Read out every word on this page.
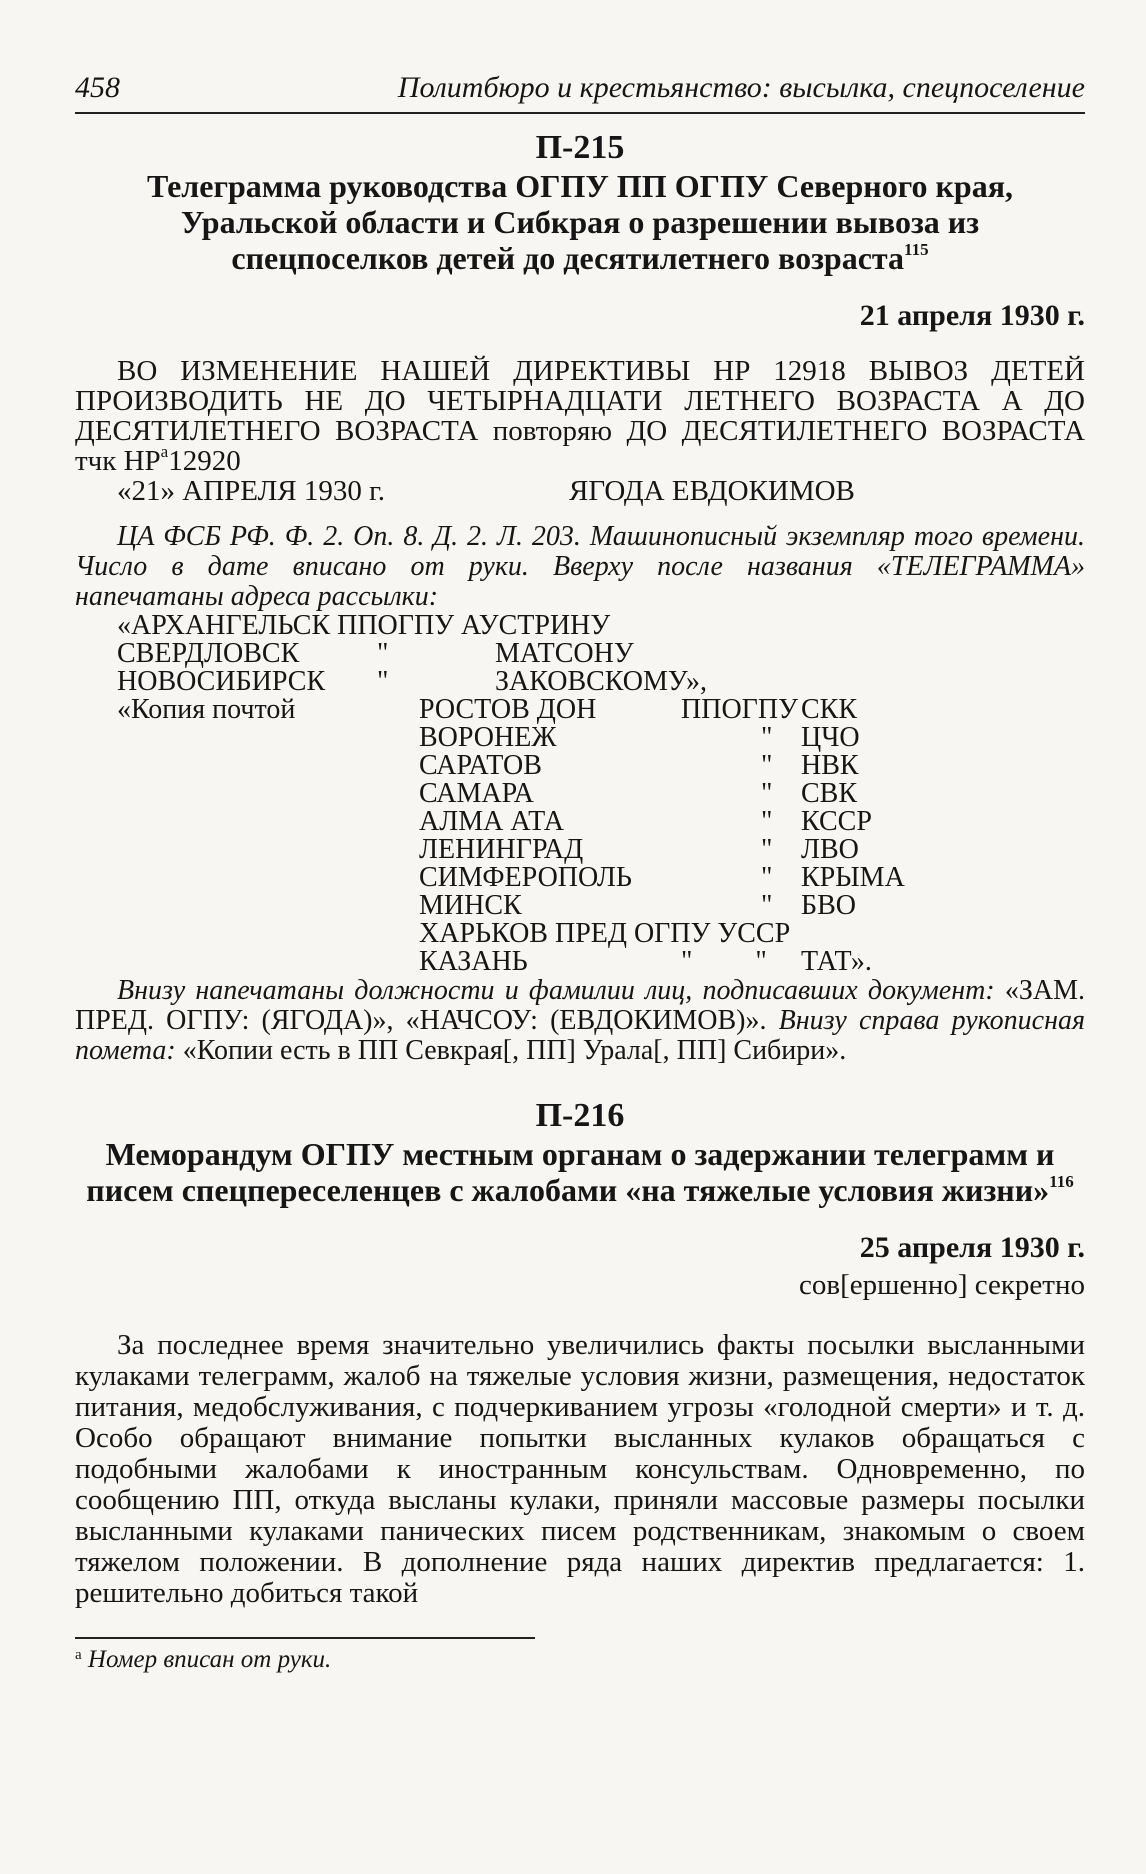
458	Политбюро и крестьянство: высылка, спецпоселение
П-215
Телеграмма руководства ОГПУ ПП ОГПУ Северного края, Уральской области и Сибкрая о разрешении вывоза из спецпоселков детей до десятилетнего возраста$^{115}$
21 апреля 1930 г.
ВО ИЗМЕНЕНИЕ НАШЕЙ ДИРЕКТИВЫ НР 12918 ВЫВОЗ ДЕТЕЙ ПРОИЗВОДИТЬ НЕ ДО ЧЕТЫРНАДЦАТИ ЛЕТНЕГО ВОЗРАСТА А ДО ДЕСЯТИЛЕТНЕГО ВОЗРАСТА повторяю ДО ДЕСЯТИЛЕТНЕГО ВОЗРАСТА тчк $НР^а12920$
«21» АПРЕЛЯ 1930 г.	ЯГОДА ЕВДОКИМОВ
ЦА ФСБ РФ. Ф. 2. Оп. 8. Д. 2. Л. 203. Машинописный экземпляр того времени. Число в дате вписано от руки. Вверху после названия «ТЕЛЕГРАММА» напечатаны адреса рассылки:
«АРХАНГЕЛЬСК ППОГПУ АУСТРИНУ
СВЕРДЛОВСК	"	МАТСОНУ
НОВОСИБИРСК	"	ЗАКОВСКОМУ»,
«Копия почтой	РОСТОВ ДОН	ППОГПУ СКК
ВОРОНЕЖ	"	ЦЧО
САРАТОВ	"	НВК
САМАРА	"	СВК
АЛМА АТА	"	КССР
ЛЕНИНГРАД	"	ЛВО
СИМФЕРОПОЛЬ	"	КРЫМА
МИНСК	"	БВО
ХАРЬКОВ ПРЕД ОГПУ УССР
КАЗАНЬ	"         "	ТАТ».
Внизу напечатаны должности и фамилии лиц, подписавших документ: «ЗАМ. ПРЕД. ОГПУ: (ЯГОДА)», «НАЧСОУ: (ЕВДОКИМОВ)». Внизу справа рукописная помета: «Копии есть в ПП Севкрая[, ПП] Урала[, ПП] Сибири».
П-216
Меморандум ОГПУ местным органам о задержании телеграмм и писем спецпереселенцев с жалобами «на тяжелые условия жизни»$^{116}$
25 апреля 1930 г.
сов[ершенно] секретно
За последнее время значительно увеличились факты посылки высланными кулаками телеграмм, жалоб на тяжелые условия жизни, размещения, недостаток питания, медобслуживания, с подчеркиванием угрозы «голодной смерти» и т. д. Особо обращают внимание попытки высланных кулаков обращаться с подобными жалобами к иностранным консульствам. Одновременно, по сообщению ПП, откуда высланы кулаки, приняли массовые размеры посылки высланными кулаками панических писем родственникам, знакомым о своем тяжелом положении. В дополнение ряда наших директив предлагается: 1. решительно добиться такой
$^а$ Номер вписан от руки.
